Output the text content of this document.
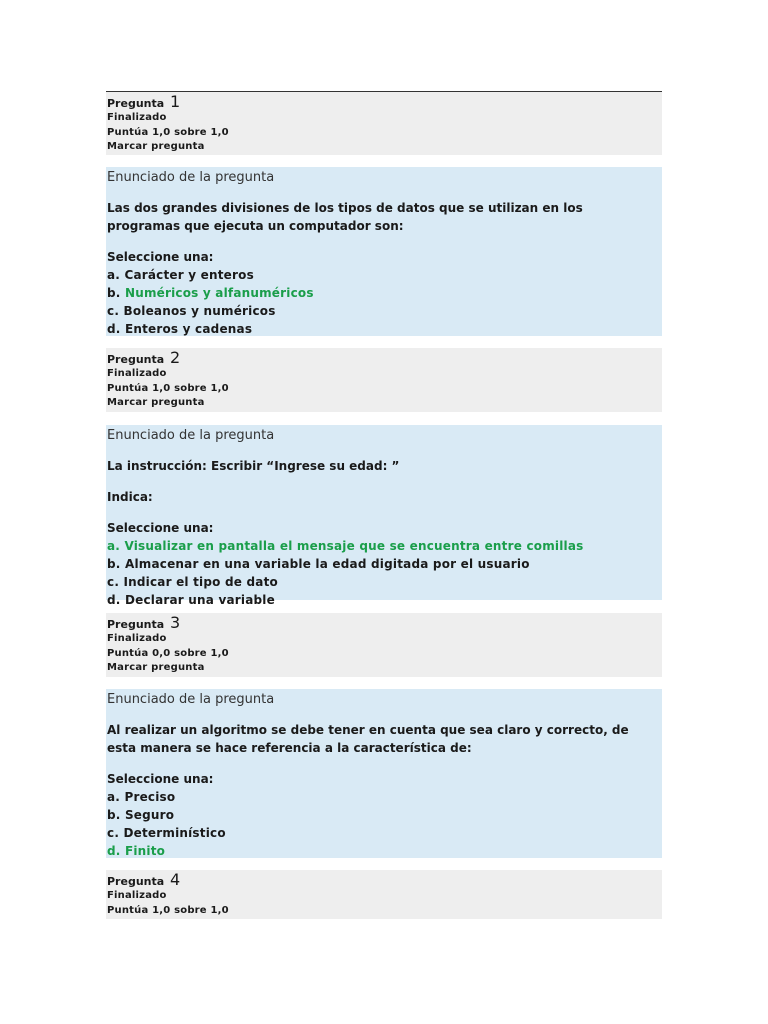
Pregunta 1
Finalizado
Puntúa 1,0 sobre 1,0
Marcar pregunta
Enunciado de la pregunta
Las dos grandes divisiones de los tipos de datos que se utilizan en los
programas que ejecuta un computador son:
Seleccione una:
a. Carácter y enteros
b. Numéricos y alfanuméricos
c. Boleanos y numéricos
d. Enteros y cadenas
Pregunta 2
Finalizado
Puntúa 1,0 sobre 1,0
Marcar pregunta
Enunciado de la pregunta
La instrucción: Escribir “Ingrese su edad: ”
Indica:
Seleccione una:
a. Visualizar en pantalla el mensaje que se encuentra entre comillas
b. Almacenar en una variable la edad digitada por el usuario
c. Indicar el tipo de dato
d. Declarar una variable
Pregunta 3
Finalizado
Puntúa 0,0 sobre 1,0
Marcar pregunta
Enunciado de la pregunta
Al realizar un algoritmo se debe tener en cuenta que sea claro y correcto, de
esta manera se hace referencia a la característica de:
Seleccione una:
a. Preciso
b. Seguro
c. Determinístico
d. Finito
Pregunta 4
Finalizado
Puntúa 1,0 sobre 1,0
